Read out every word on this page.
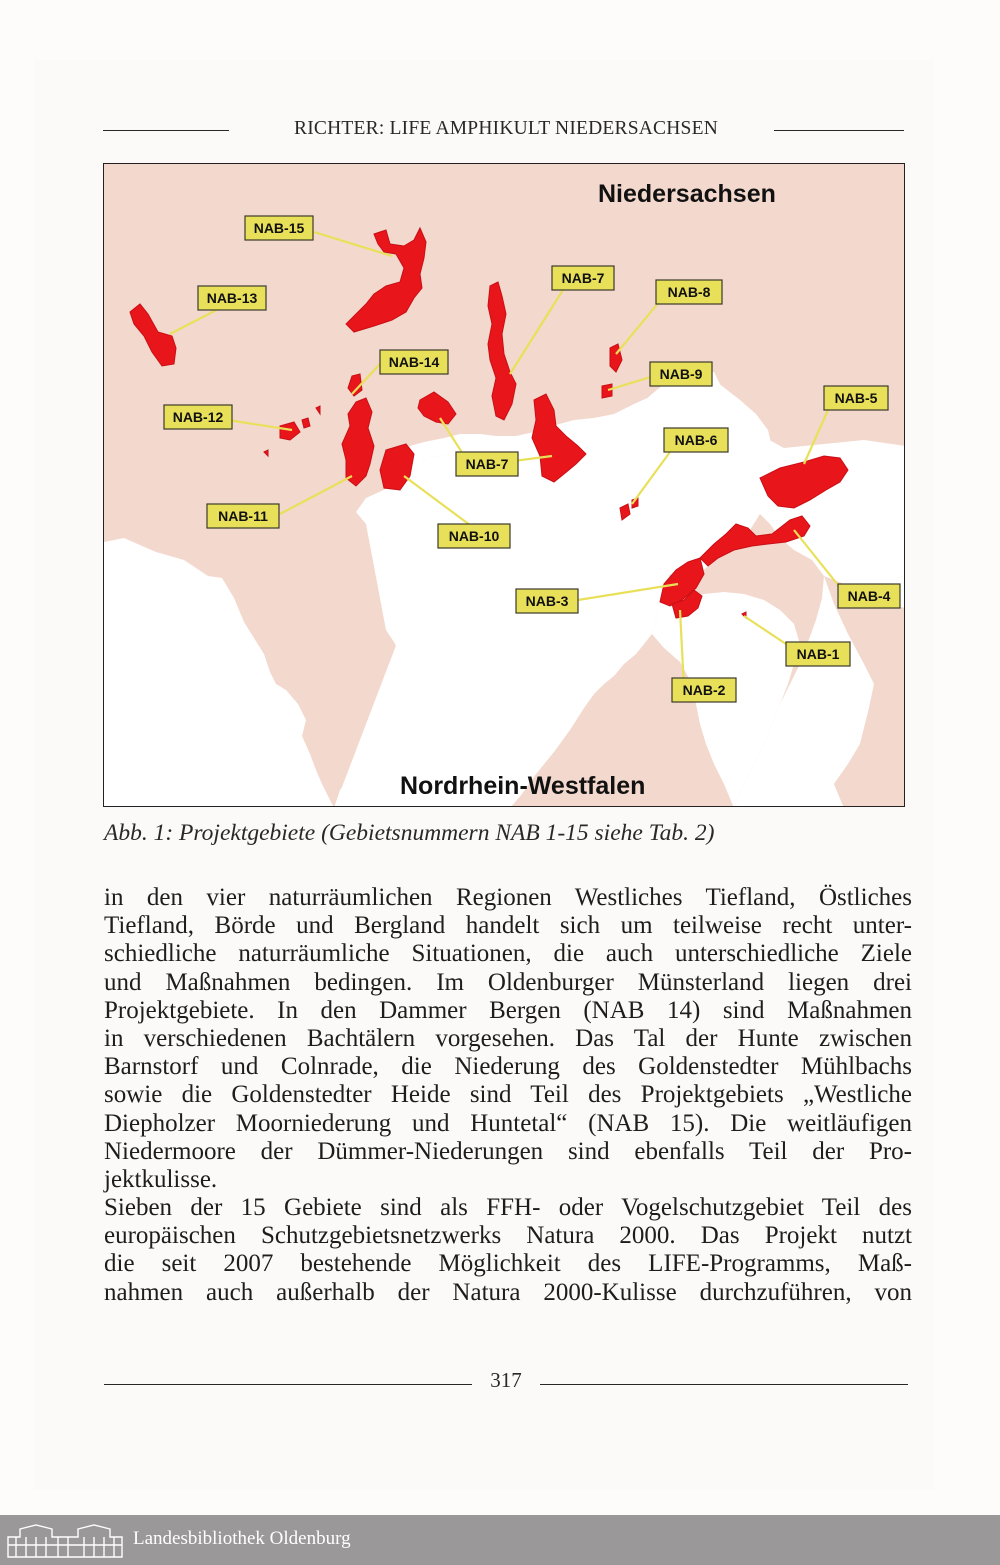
RICHTER: LIFE AMPHIKULT NIEDERSACHSEN
Niedersachsen
Nordrhein-Westfalen
NAB-15
NAB-13
NAB-14
NAB-12
NAB-11
NAB-10
NAB-7
NAB-7
NAB-8
NAB-9
NAB-6
NAB-5
NAB-4
NAB-3
NAB-2
NAB-1
Abb. 1: Projektgebiete (Gebietsnummern NAB 1-15 siehe Tab. 2)
in den vier naturräumlichen Regionen Westliches Tiefland, Östliches
Tiefland, Börde und Bergland handelt sich um teilweise recht unter-
schiedliche naturräumliche Situationen, die auch unterschiedliche Ziele
und Maßnahmen bedingen. Im Oldenburger Münsterland liegen drei
Projektgebiete. In den Dammer Bergen (NAB 14) sind Maßnahmen
in verschiedenen Bachtälern vorgesehen. Das Tal der Hunte zwischen
Barnstorf und Colnrade, die Niederung des Goldenstedter Mühlbachs
sowie die Goldenstedter Heide sind Teil des Projektgebiets „Westliche
Diepholzer Moorniederung und Huntetal“ (NAB 15). Die weitläufigen
Niedermoore der Dümmer-Niederungen sind ebenfalls Teil der Pro-
jektkulisse.
Sieben der 15 Gebiete sind als FFH- oder Vogelschutzgebiet Teil des
europäischen Schutzgebietsnetzwerks Natura 2000. Das Projekt nutzt
die seit 2007 bestehende Möglichkeit des LIFE-Programms, Maß-
nahmen auch außerhalb der Natura 2000-Kulisse durchzuführen, von
317
Landesbibliothek Oldenburg
